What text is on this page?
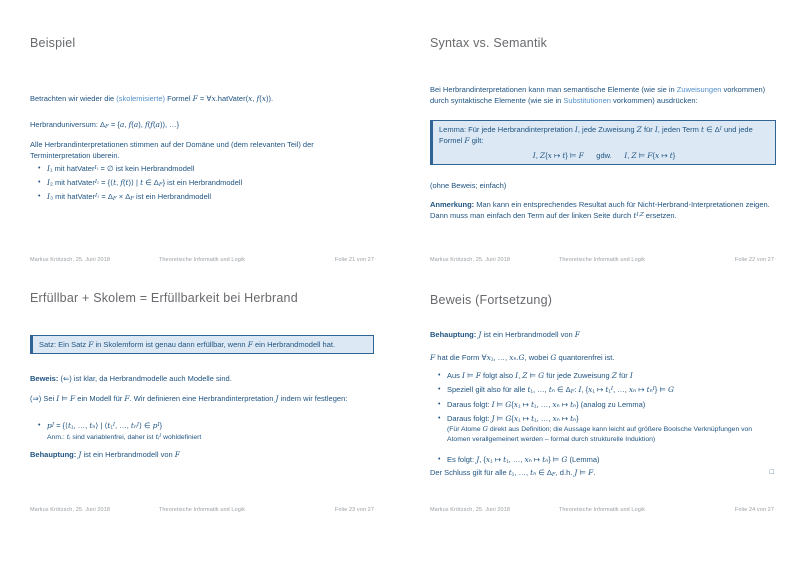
Beispiel
Betrachten wir wieder die (skolemisierte) Formel F = ∀x.hatVater(x, f(x)).
Herbranduniversum: $\Delta_F = \{a$, f(a), f(f(a)), …}
Alle Herbrandinterpretationen stimmen auf der Domäne und (dem relevanten Teil) der Terminterpretation überein.
• I₁ mit hatVater$^{I_1}$ = ∅ ist kein Herbrandmodell
• I₂ mit hatVater$^{I_2}$ = {⟨t, f(t)⟩ | t ∈ $\Delta_F$} ist ein Herbrandmodell
• I₃ mit hatVater$^{I_3}$ = $\Delta_F \times \Delta_F$ ist ein Herbrandmodell
Markus Krötzsch, 25. Juni 2018	Theoretische Informatik und Logik	Folie 21 von 27
Syntax vs. Semantik
Bei Herbrandinterpretationen kann man semantische Elemente (wie sie in Zuweisungen vorkommen) durch syntaktische Elemente (wie sie in Substitutionen vorkommen) ausdrücken:
Lemma: Für jede Herbrandinterpretation I, jede Zuweisung Z für I, jeden Term t ∈ $\Delta^I$ und jede Formel F gilt:
I, Z{x ↦ t} ⊨ F      gdw.      I, Z ⊨ F{x ↦ t}
(ohne Beweis; einfach)
Anmerkung: Man kann ein entsprechendes Resultat auch für Nicht-Herbrand-Interpretationen zeigen. Dann muss man einfach den Term auf der linken Seite durch $t^{I,Z}$ ersetzen.
Markus Krötzsch, 25. Juni 2018	Theoretische Informatik und Logik	Folie 22 von 27
Erfüllbar + Skolem = Erfüllbarkeit bei Herbrand
Satz: Ein Satz F in Skolemform ist genau dann erfüllbar, wenn F ein Herbrandmodell hat.
Beweis: (⇐) ist klar, da Herbrandmodelle auch Modelle sind.
(⇒) Sei I ⊨ F ein Modell für F. Wir definieren eine Herbrandinterpretation J indem wir festlegen:
• $p^J$ = {⟨t₁, …, tₙ⟩ | ⟨t₁$^I$, …, tₙ$^I$⟩ ∈ $p^I$}
Anm.: tᵢ sind variablenfrei, daher ist tᵢ$^I$ wohldefiniert
Behauptung: J ist ein Herbrandmodell von F
Markus Krötzsch, 25. Juni 2018	Theoretische Informatik und Logik	Folie 23 von 27
Beweis (Fortsetzung)
Behauptung: J ist ein Herbrandmodell von F
F hat die Form ∀x₁, …, xₙ.G, wobei G quantorenfrei ist.
• Aus I ⊨ F folgt also I, Z ⊨ G für jede Zuweisung Z für I
• Speziell gilt also für alle t₁, …, tₙ ∈ $\Delta_F$: I, {x₁ ↦ t₁$^I$, …, xₙ ↦ tₙ$^I$} ⊨ G
• Daraus folgt: I ⊨ G{x₁ ↦ t₁, …, xₙ ↦ tₙ} (analog zu Lemma)
• Daraus folgt: J ⊨ G{x₁ ↦ t₁, …, xₙ ↦ tₙ}
(Für Atome G direkt aus Definition; die Aussage kann leicht auf größere Boolsche Verknüpfungen von Atomen verallgemeinert werden – formal durch strukturelle Induktion)
• Es folgt: J, {x₁ ↦ t₁, …, xₙ ↦ tₙ} ⊨ G (Lemma)
Der Schluss gilt für alle t₁, …, tₙ ∈ $\Delta_F$, d.h. J ⊨ F.	□
Markus Krötzsch, 25. Juni 2018	Theoretische Informatik und Logik	Folie 24 von 27
